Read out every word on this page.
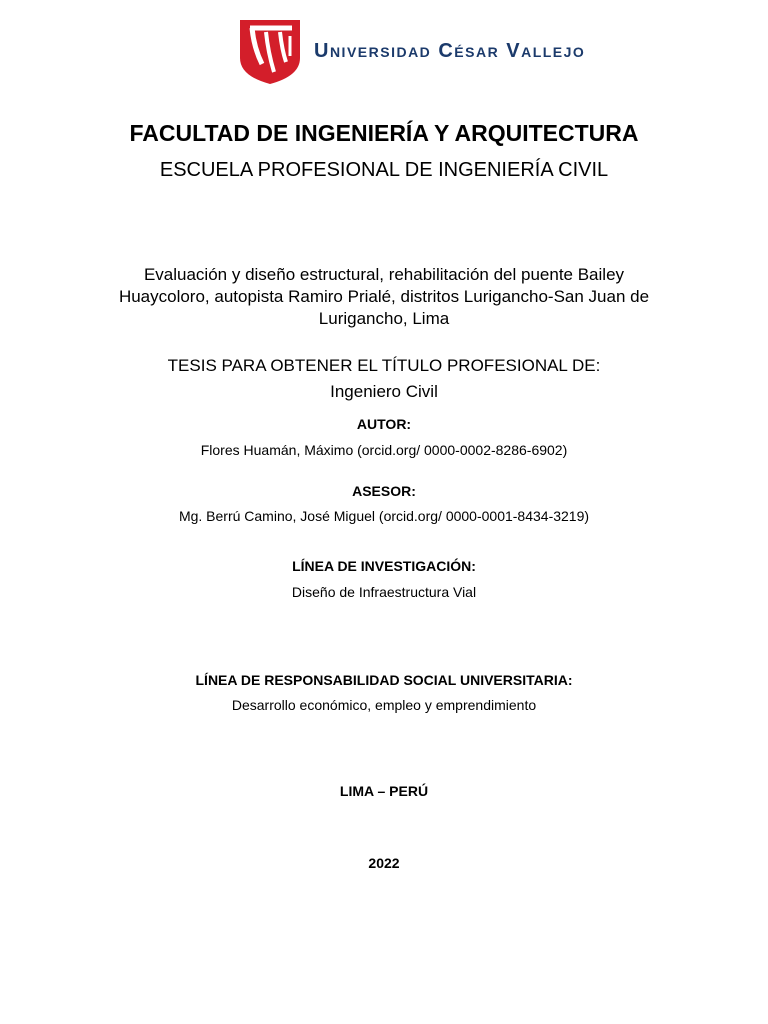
Universidad César Vallejo
FACULTAD DE INGENIERÍA Y ARQUITECTURA
ESCUELA PROFESIONAL DE INGENIERÍA CIVIL
Evaluación y diseño estructural, rehabilitación del puente Bailey Huaycoloro, autopista Ramiro Prialé, distritos Lurigancho-San Juan de Lurigancho, Lima
TESIS PARA OBTENER EL TÍTULO PROFESIONAL DE:
Ingeniero Civil
AUTOR:
Flores Huamán, Máximo (orcid.org/ 0000-0002-8286-6902)
ASESOR:
Mg. Berrú Camino, José Miguel (orcid.org/ 0000-0001-8434-3219)
LÍNEA DE INVESTIGACIÓN:
Diseño de Infraestructura Vial
LÍNEA DE RESPONSABILIDAD SOCIAL UNIVERSITARIA:
Desarrollo económico, empleo y emprendimiento
LIMA – PERÚ
2022
